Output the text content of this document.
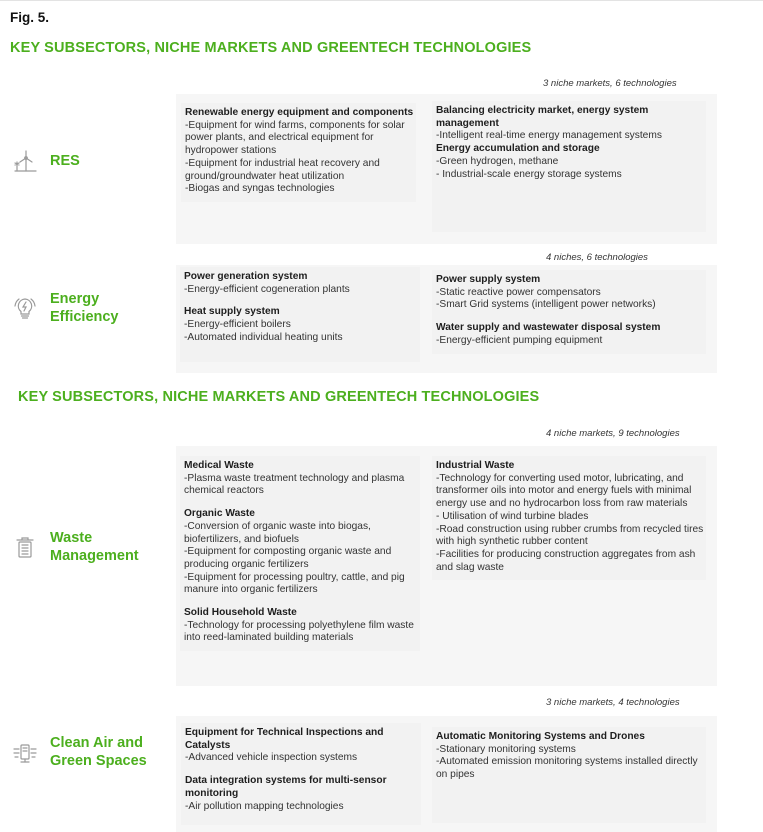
Fig. 5.
KEY SUBSECTORS, NICHE MARKETS AND GREENTECH TECHNOLOGIES
KEY SUBSECTORS, NICHE MARKETS AND GREENTECH TECHNOLOGIES
3 niche markets, 6 technologies
RES
Renewable energy equipment and components
-Equipment for wind farms, components for solar power plants, and electrical equipment for hydropower stations
-Equipment for industrial heat recovery and ground/groundwater heat utilization
-Biogas and syngas technologies
Balancing electricity market, energy system management
-Intelligent real-time energy management systems
Energy accumulation and storage
-Green hydrogen, methane
- Industrial-scale energy storage systems
4 niches, 6 technologies
Energy Efficiency
Power generation system
-Energy-efficient cogeneration plants
Heat supply system
-Energy-efficient boilers
-Automated individual heating units
Power supply system
-Static reactive power compensators
-Smart Grid systems (intelligent power networks)
Water supply and wastewater disposal system
-Energy-efficient pumping equipment
4 niche markets, 9 technologies
Waste Management
Medical Waste
-Plasma waste treatment technology and plasma chemical reactors
Organic Waste
-Conversion of organic waste into biogas, biofertilizers, and biofuels
-Equipment for composting organic waste and producing organic fertilizers
-Equipment for processing poultry, cattle, and pig manure into organic fertilizers
Solid Household Waste
-Technology for processing polyethylene film waste into reed-laminated building materials
Industrial Waste
-Technology for converting used motor, lubricating, and transformer oils into motor and energy fuels with minimal energy use and no hydrocarbon loss from raw materials
- Utilisation of wind turbine blades
-Road construction using rubber crumbs from recycled tires with high synthetic rubber content
-Facilities for producing construction aggregates from ash and slag waste
3 niche markets, 4 technologies
Clean Air and Green Spaces
Equipment for Technical Inspections and Catalysts
-Advanced vehicle inspection systems
Data integration systems for multi-sensor monitoring
-Air pollution mapping technologies
Automatic Monitoring Systems and Drones
-Stationary monitoring systems
-Automated emission monitoring systems installed directly on pipes
